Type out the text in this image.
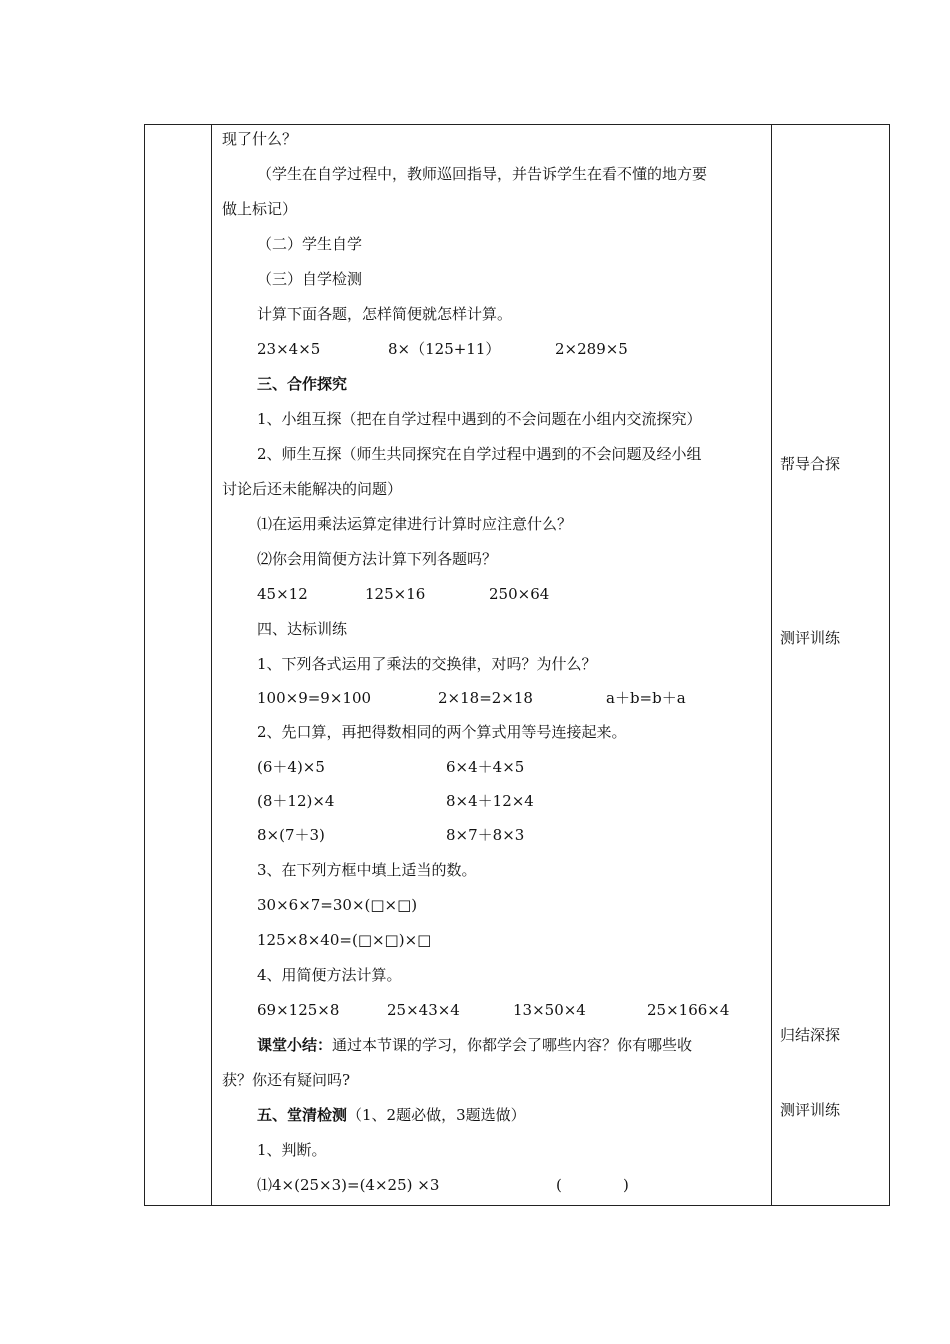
现了什么？
（学生在自学过程中，教师巡回指导，并告诉学生在看不懂的地方要
做上标记）
（二）学生自学
（三）自学检测
计算下面各题，怎样简便就怎样计算。
23×4×5	8×（125+11）	2×289×5
三、合作探究
1、小组互探（把在自学过程中遇到的不会问题在小组内交流探究）
2、师生互探（师生共同探究在自学过程中遇到的不会问题及经小组
讨论后还未能解决的问题）
⑴在运用乘法运算定律进行计算时应注意什么？
⑵你会用简便方法计算下列各题吗？
45×12	125×16	250×64
四、达标训练
1、下列各式运用了乘法的交换律，对吗？为什么？
100×9=9×100	2×18=2×18	a＋b=b＋a
2、先口算，再把得数相同的两个算式用等号连接起来。
(6＋4)×5	6×4＋4×5
(8＋12)×4	8×4＋12×4
8×(7＋3)	8×7＋8×3
3、在下列方框中填上适当的数。
30×6×7=30×(□×□)
125×8×40=(□×□)×□
4、用简便方法计算。
69×125×8	25×43×4	13×50×4	25×166×4
课堂小结：通过本节课的学习，你都学会了哪些内容？你有哪些收
获？你还有疑问吗?
五、堂清检测（1、2题必做，3题选做）
1、判断。
⑴4×(25×3)=(4×25) ×3	(	)
帮导合探
测评训练
归结深探
测评训练
